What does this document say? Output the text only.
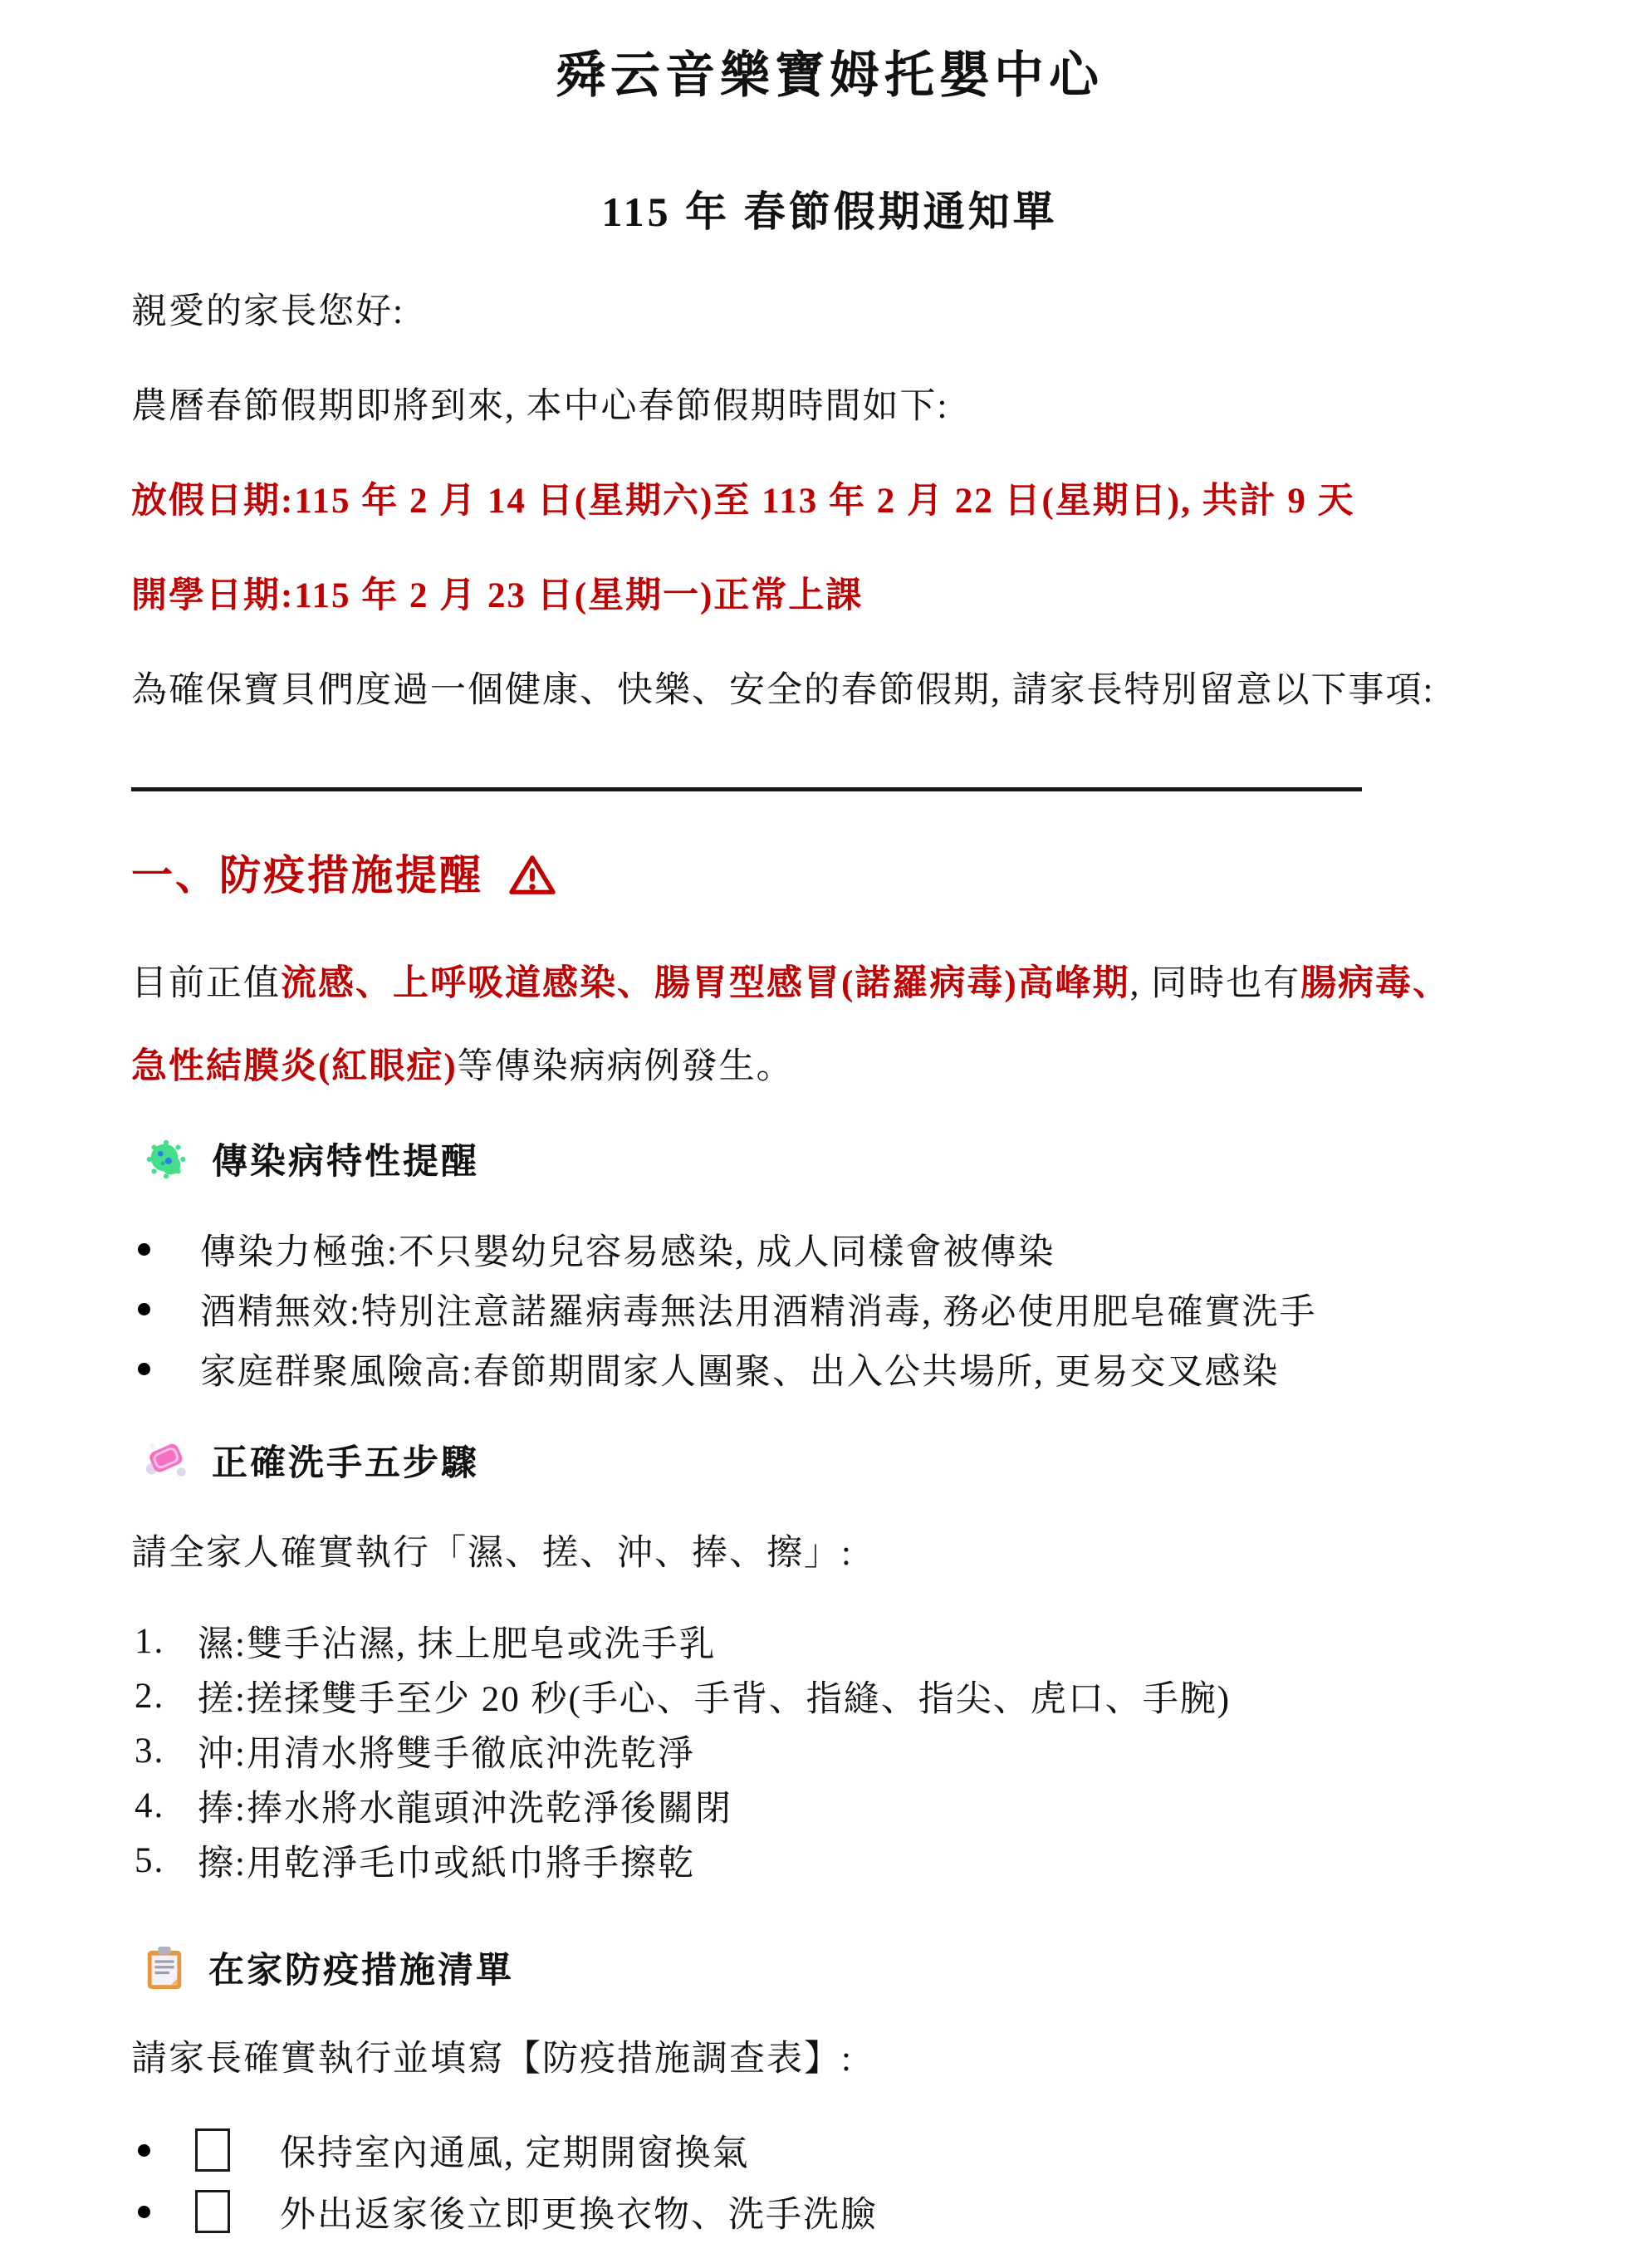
舜云音樂寶姆托嬰中心
115 年 春節假期通知單

親愛的家長您好:

農曆春節假期即將到來, 本中心春節假期時間如下:

放假日期:115 年 2 月 14 日(星期六)至 113 年 2 月 22 日(星期日), 共計 9 天

開學日期:115 年 2 月 23 日(星期一)正常上課

為確保寶貝們度過一個健康、快樂、安全的春節假期, 請家長特別留意以下事項:

一、防疫措施提醒

目前正值流感、上呼吸道感染、腸胃型感冒(諾羅病毒)高峰期, 同時也有腸病毒、
急性結膜炎(紅眼症)等傳染病病例發生。

傳染病特性提醒
傳染力極強:不只嬰幼兒容易感染, 成人同樣會被傳染
酒精無效:特別注意諾羅病毒無法用酒精消毒, 務必使用肥皂確實洗手
家庭群聚風險高:春節期間家人團聚、出入公共場所, 更易交叉感染
正確洗手五步驟

請全家人確實執行「濕、搓、沖、捧、擦」:

1. 濕:雙手沾濕, 抹上肥皂或洗手乳
2. 搓:搓揉雙手至少 20 秒(手心、手背、指縫、指尖、虎口、手腕)
3. 沖:用清水將雙手徹底沖洗乾淨
4. 捧:捧水將水龍頭沖洗乾淨後關閉
5. 擦:用乾淨毛巾或紙巾將手擦乾
在家防疫措施清單

請家長確實執行並填寫【防疫措施調查表】:

保持室內通風, 定期開窗換氣
外出返家後立即更換衣物、洗手洗臉
